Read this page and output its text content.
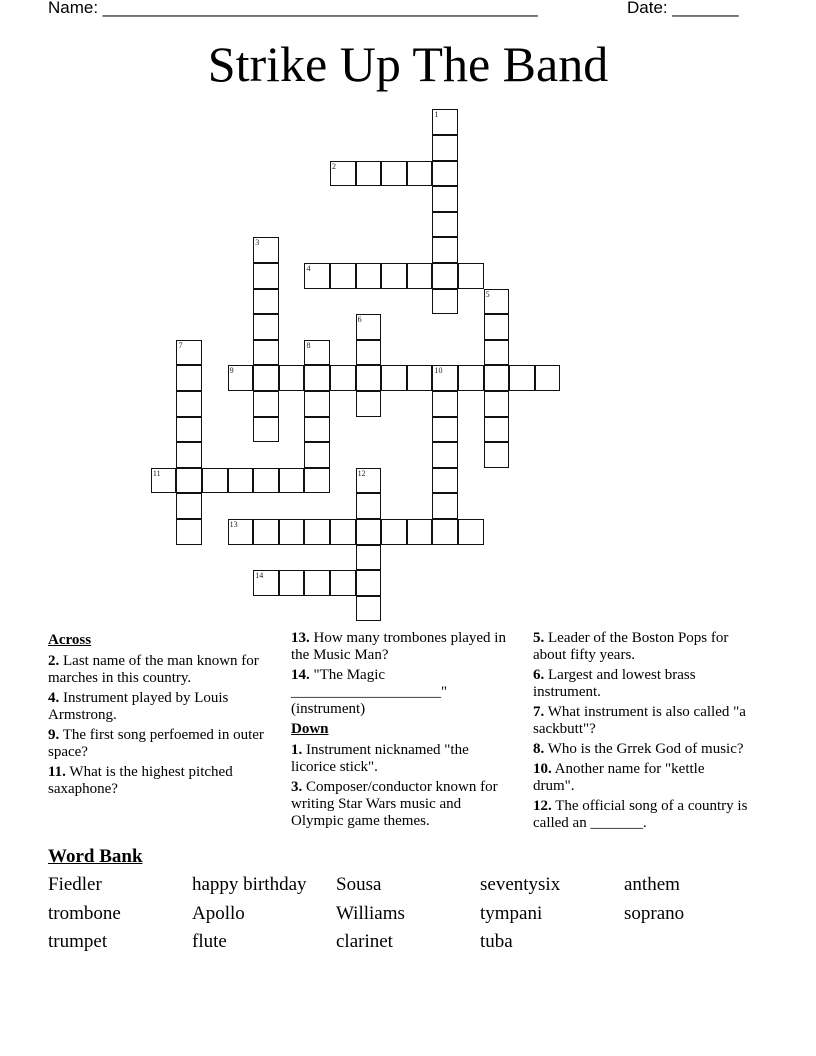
Name: ______________________________________________	Date: _______
Strike Up The Band
1
2
3
4
5
6
7	8
9	10
11	12
13
14
Across
2. Last name of the man known for marches in this country.
4. Instrument played by Louis Armstrong.
9. The first song perfoemed in outer space?
11. What is the highest pitched saxaphone?
13. How many trombones played in the Music Man?
14. "The Magic ____________________" (instrument)
Down
1. Instrument nicknamed "the licorice stick".
3. Composer/conductor known for writing Star Wars music and Olympic game themes.
5. Leader of the Boston Pops for about fifty years.
6. Largest and lowest brass instrument.
7. What instrument is also called "a sackbutt"?
8. Who is the Grrek God of music?
10. Another name for "kettle drum".
12. The official song of a country is called an _______.
Word Bank
Fiedler	happy birthday	Sousa	seventysix	anthem
trombone	Apollo	Williams	tympani	soprano
trumpet	flute	clarinet	tuba
